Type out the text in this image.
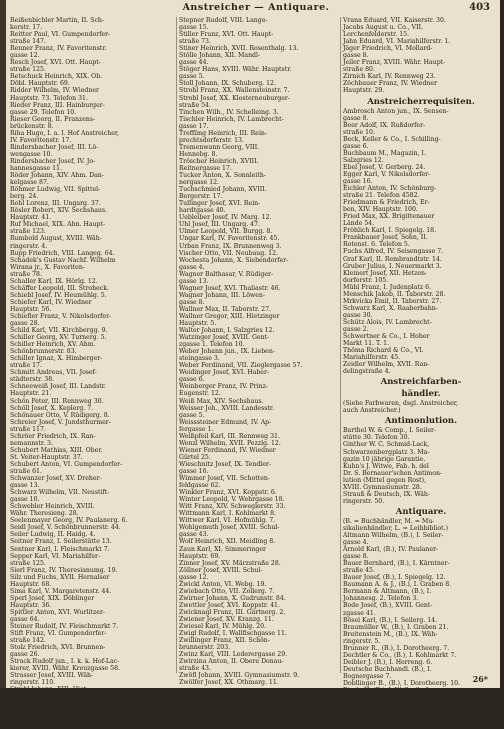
Anstreicher — Antiquare.	403
Reißenbichler Martin, II. Sch-
kerstr. 17.
Reitter Paul, VI. Gumpendorfer-
straße 147.
Renner Franz, IV. Favoritenstr.
gasse 12.
Resch Josef, XVI. Ott. Haupt-
straße 125.
Retschuck Heinrich, XIX. Ob.
Döbl. Hauptstr. 69.
Ridder Wilhelm, IV. Wiedner
Hauptstr. 73. Telefon 31.
Rieder Franz, III. Hainburger-
gasse 29. Telefon 10.
Rieser Georg, II. Franzens-
brückenstr. 8.
Riha Hugo, I. a. I. Hof Anstreicher,
IV. Favoritenstr. 17.
Rindersbacher Josef, III. Lö-
wengasse 10.
Rindersbacher Josef, IV. Jo-
hannesgasse 11.
Röder Johann, XIV. Ahm. Dan-
kelgasse 87.
Röhmer Ludwig, VII. Spittel-
berg. 24.
Rohl Lorenz, III. Ungarg. 37.
Rösler Robert, XIV. Sechshaus.
Hauptstr. 41.
Ruf Michael, XIX. Ahn. Haupt-
straße 123.
Rumbold August, XVIII. Wäh-
ringerstr. 4.
Rupp Friedrich, VIII. Langeg. 64.
Schadek's Gustav Nachf. Wilhelm
Wirana jr., X. Favoriten-
straße 78.
Schaller Karl, IX. Hörlg. 12.
Schäffer Leopold, III. Stroheck.
Schiebl Josef, IV. Heumühlg. 5.
Schiefer Karl, IV. Wiedner
Hauptstr. 56.
Schiefler Franz, V. Nikolsdorfer-
gasse 28.
Schild Karl, VII. Kirchbergg. 9.
Schiller Georg, XV. Turnerg. 5.
Schiller Heinrich, XV. Ahm.
Schönbrunnerstr. 83.
Schiller Ignaz, X. Himberger-
straße 17.
Schmitt Andreas, VII. Josef-
städterstr. 38.
Schneeweiß Josef, III. Landstr.
Hauptstr. 21.
Schön Peter, III. Rennweg 30.
Schöll Josef, X. Keplerg. 7.
Schönauer Otto, V. Rüdigerg. 8.
Schreier Josef, V. Jundsthurmer-
straße 117.
Schröer Friedrich, IX. Ran-
nemannstr. 3.
Schubert Mathias, XIII. Ober.
St. Veiter-Hauptstr. 37.
Schubert Anton, VI. Gumpendorfer-
straße 61.
Schwanzer Josef, XV. Dreher-
gasse 13.
Schwarz Wilhelm, VII. Neustift-
gasse 10.
Schwebler Heinrich, XVIII.
Währ. Theresieng. 28.
Seelenmayer Georg, IV. Paulanerg. 6.
Seidl Josef, V. Schönbrunnerstr. 44.
Seiler Ludwig, II. Haidg. 4.
Seitner Franz, I. Seilerstätte 13.
Sentner Karl, I. Fleischmarkt 7.
Sepper Karl, VI. Mariahilfer-
straße 125.
Sierl Franz, IV. Theresianumg. 19.
Silz und Fuchs, XVII. Hernalser
Hauptstr. 68.
Sima Karl, V. Margaretenstr. 44.
Sperl Josef, XIX. Döblinger
Hauptstr. 36.
Spittler Anton, XVI. Wurlitzer-
gasse 64.
Steiner Rudolf, IV. Fleischmarkt 7.
Stift Franz, VI. Gumpendorfer-
straße 142.
Stolz Friedrich, XVI. Brunnen-
gasse 26.
Strack Rudolf jun., I. k. k. Hof-Lac-
kierer, XVIII. Währ. Kreuzgasse 58.
Strasser Josef, XVIII. Wäh-
ringerstr. 110.
Strobl Johann, XIII. Hiet-
zinger Hauptstr. 20.
Stroh Julius, II. Praterstr. 37.
Stolz Leopold, XVII. Ing. Hauptstr. 2.
Stepner Rudolf, VIII. Lange-
gasse 15.
Stiller Franz, XVI. Ott. Haupt-
straße 73.
Stiner Heinrich, XVII. Rosenthalg. 13.
Stölle Johann, XII. Mandl-
gasse 44.
Stöger Hans, XVIII. Währ. Hauptstr.
gasse 5.
Stoll Johann, IX. Schuberg. 12.
Strohl Franz, XX. Wallensteinstr. 7.
Strobl Josef, XX. Klosterneuburger-
straße 54.
Tinchen Wilh., IV. Schelleing. 3.
Tischler Heinrich, IV. Lambrecht-
gasse 17.
Treffling Heinrich, III. Rein-
prechtsdorferstr. 13.
Tremenwann Georg, VIII.
Hennebg. 8.
Tröscher Heinrich, XVIII.
Reitnergasse 17.
Tucker Anton, X. Sonnleith-
nergasse 12.
Tuchschmied Johann, XVIII.
Bergerstr. 17.
Tullinger Josef, XVI. Rein-
hardtgasse 40.
Uebleiber Josef, IV. Marg. 12.
Uhl Josef, III. Ungarg. 47.
Ulmer Leopold, VII. Burgg. 8.
Ungar Karl, IV. Favoritenstr. 45.
Urban Franz, IX. Brunnenweg 3.
Vischer Otto, VII. Neubaug. 12.
Wochesta Johann, X. Siebendorfer-
gasse 4.
Wagner Balthasar, V. Rüdiger-
gasse 13.
Wagner Josef, XVI. Thaliastr. 46.
Wagner Johann, III. Löwen-
gasse 8.
Wallner Max, II. Taborstr. 27.
Wallner Gregor, XIII. Hietzinger
Hauptstr. 5.
Walter Johann, I. Salzgries 12.
Watzinger Josef, XVIII. Gent-
zgasse 1. Telefon 10.
Weber Johann jun., IX. Lieben-
steingasse 3.
Weber Ferdinand, VII. Zieglergasse 57.
Weidinger Josef, XVI. Haber-
gasse 6.
Weinberger Franz, IV. Prinz-
Eugenstr. 12.
Weiß Max, XIV. Sechshaus.
Weisser Joh., XVIII. Landesstr.
gasse 5.
Weisssteiner Edmund, IV. Ap-
fergasse 1.
Weißpfeil Karl, III. Rennweg 31.
Wenzl Wilhelm, XVII. Pezzlg. 12.
Wiener Ferdinand, IV. Wiedner
Gürtel 25.
Wieschnitz Josef, IX. Tendler-
gasse 16.
Wimmer Josef, VII. Schotten-
feldgasse 62.
Winkler Franz, XVI. Koppstr. 6.
Winter Leopold, V. Wehrgasse 18.
Witt Franz, XIV. Schweglerstr. 33.
Wittmann Karl, I. Kohlmarkt 8.
Wittwer Karl, VI. Hofmühlg. 7.
Wohlgemuth Josef, XVIII. Schul-
gasse 43.
Wolf Heinrich, XII. Meidling 8.
Zaun Karl, XI. Simmeringer
Hauptstr. 69.
Zinner Josef, XV. Märzstraße 28.
Zöllner Josef, XVIII. Schul-
gasse 12.
Zwickl Anton, VI. Webg. 19.
Zwiebach Otto, VII. Zollerg. 7.
Zwirner Johann, X. Gudrunstr. 84.
Zwettler Josef, XVI. Koppstr. 41.
Zwicknagl Franz, III. Gärtnerg. 2.
Zwiener Josef, XV. Kranzg. 11.
Zwiesel Karl, IV. Mühlg. 20.
Zwigl Rudolf, I. Wallfischgasse 11.
Zwillinger Franz, XII. Schön-
brunnerstr. 203.
Zwinz Karl, VIII. Lederergasse 29.
Zwirzina Anton, II. Obere Donau-
straße 43.
Zwöfl Johann, XVIII. Gymnasiumstr. 9.
Zwölfer Josef, XX. Othmarg. 11.
Vrana Eduard, VII. Kaiserstr. 30.
Jacobs August u. Co., VII.
Lerchenfelderstr. 15.
Jahn Eduard, VI. Mariahilferstr. 1.
Jäger Friedrich, VI. Mollard-
gasse 8.
Jeiler Franz, XVIII. Währ. Haupt-
straße 80.
Zirnich Karl, IV. Rennweg 23.
Zöchbauer Franz, IV. Wiedner
Hauptstr. 29.
Anstreicherrequisiten.
Ambrosch Anton jun., IX. Sensen-
gasse 8.
Beer Adolf, IX. Rußdorfer-
straße 10.
Beck, Keller & Co., I. Schilling-
gasse 6.
Buchbaum M., Magazin, I.
Salzgries 12.
Ebel Josef, V. Gerberg. 24.
Egger Karl, V. Nikolsdorfer-
gasse 16.
Eichler Anton, IV. Schönburg-
straße 21. Telefon 4582.
Friedmann & Friedrich, Er-
ben, XIV. Hauptstr. 100.
Fried Max, XX. Brigittenauer
Lände 54.
Fröhlich Karl, I. Spiegelg. 18.
Frankbauer Josef, Sohn, II.
Rotenst. 6. Telefon 5.
Fuchs Alfred, IV. Seisengasse 7.
Graf Karl, II. Rembrandtstr. 14.
Gruber Julius, I. Neuermarkt 3.
Kleinert Josef, XII. Hetzen-
dorferstr. 105.
Mühl Franz, I. Judenplatz 6.
Menschik Jakob, II. Taborstr. 28.
Mrkvicka Emil, II. Taborstr. 27.
Schwarz Karl, X. Raaberbahn-
gasse 30.
Schütz Alois, IV. Lambrecht-
gasse 2.
Schwertner & Co., I. Hoher
Markt 11. T. 1.
Thöma Richard & Co., VI.
Mariahilferstr. 45.
Zeidler Wilhelm, XVII. Ran-
delingstraße 4.
Anstreichfarben-
händler.
(Siehe Farbwaren, dsgl. Anstreicher,
auch Anstreicher.)
Antimonlution.
Barthel W. & Comp., I. Seiler-
stätte 30. Telefon 30.
Ginther W. C. Schmid-Lack,
Schwarzenbergplatz 3. Ma-
gazin 10 jährige Garantie.
Kuhn's J. Witwe, Fab. h. del
Dr. S. Bernauer'schen Antimon-
lution (Mittel gegen Rost),
XVIII. Gymnasiumstr. 28.
Strauß & Deutsch, IX. Wäh-
ringerstr. 50.
Antiquare.
(B. = Buchhändler, M. = Mu-
sikalienhändler, L. = Leihbibliot.)
Altmann Wilhelm, (B.), I. Seiler-
gasse 4.
Arnold Karl, (B.), IV. Paulaner-
gasse 8.
Bauer Bernhard, (B.), I. Kärntner-
straße 45.
Bauer Josef, (B.), I. Spiegelg. 12.
Baumann A. & J., (B.), I. Graben 8.
Bermann & Altmann, (B.), I.
Johannesg. 2. Telefon 3.
Bode Josef, (B.), XVIII. Gent-
zgasse 41.
Bösel Karl, (B.), I. Seilerg. 14.
Braumüller W., (B.), I. Graben 21.
Breitenstein M., (B.), IX. Wäh-
ringerstr. 5.
Brunner R., (B.), I. Dorotheerg. 7.
Dechtler & Co., (B.), I. Kohlmarkt 7.
Deibler J. (B.), I. Herreng. 6.
Deutsche Buchhandl. (B.), I.
Bognergasse 7.
Dobllinger B., (B.), I. Dorotheerg. 10.
Eisele H. (B.), I. Wollzeile 6.
Frick W., (B.), I. Graben 27.
Gerold & Co., (B.), I. Stefansplatz 8.
Gilhofer & Ranschburg, (B.), I.
Bognerg. 2. Telefon 55.
Grafs Berth., (B.), I. Seilerstätte 13.
26*
